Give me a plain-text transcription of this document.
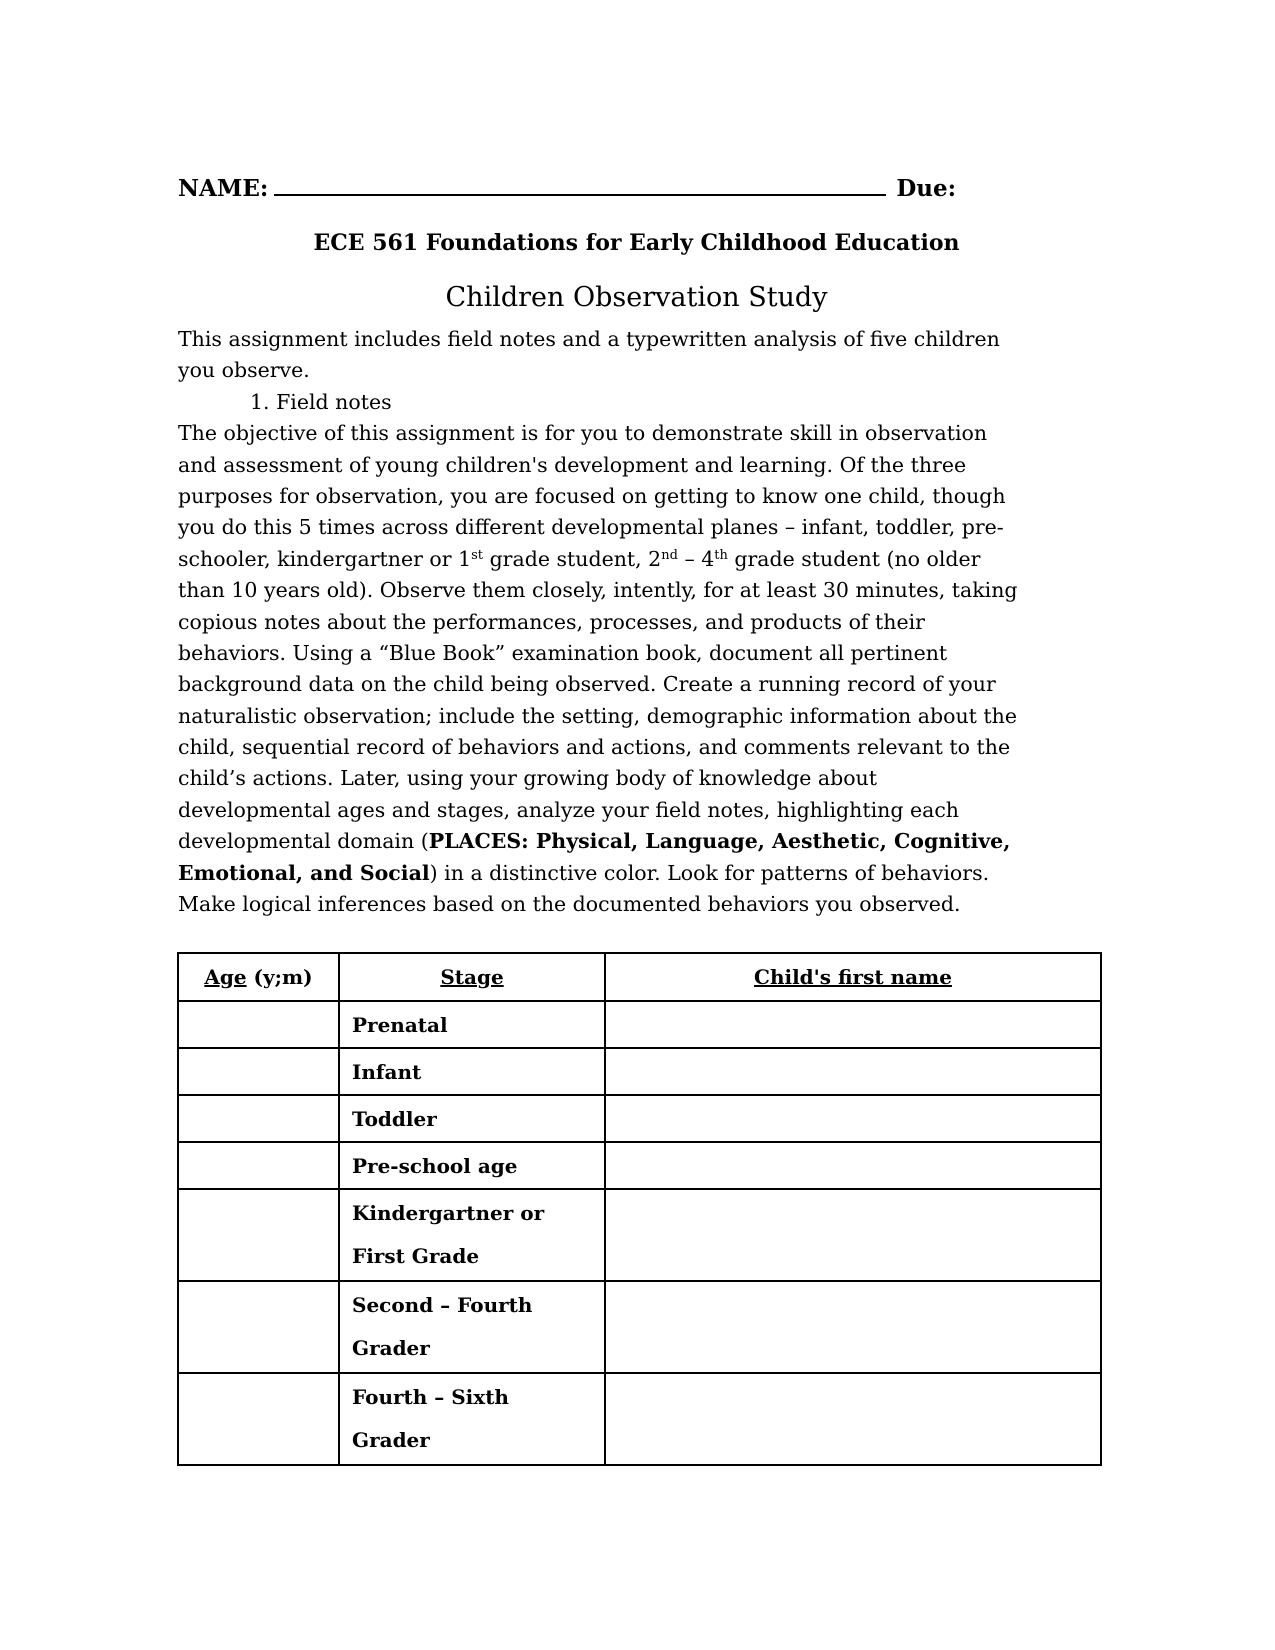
NAME:	Due:
ECE 561 Foundations for Early Childhood Education
Children Observation Study
This assignment includes field notes and a typewritten analysis of five children
you observe.
1. Field notes
The objective of this assignment is for you to demonstrate skill in observation
and assessment of young children's development and learning. Of the three
purposes for observation, you are focused on getting to know one child, though
you do this 5 times across different developmental planes – infant, toddler, pre-
schooler, kindergartner or 1st grade student, 2nd – 4th grade student (no older
than 10 years old). Observe them closely, intently, for at least 30 minutes, taking
copious notes about the performances, processes, and products of their
behaviors. Using a “Blue Book” examination book, document all pertinent
background data on the child being observed. Create a running record of your
naturalistic observation; include the setting, demographic information about the
child, sequential record of behaviors and actions, and comments relevant to the
child’s actions. Later, using your growing body of knowledge about
developmental ages and stages, analyze your field notes, highlighting each
developmental domain (PLACES: Physical, Language, Aesthetic, Cognitive,
Emotional, and Social) in a distinctive color. Look for patterns of behaviors.
Make logical inferences based on the documented behaviors you observed.
Age (y;m)	Stage	Child's first name

	Prenatal	

	Infant	

	Toddler	

	Pre-school age	

	Kindergartner or
First Grade	

	Second – Fourth
Grader	

	Fourth – Sixth
Grader	
